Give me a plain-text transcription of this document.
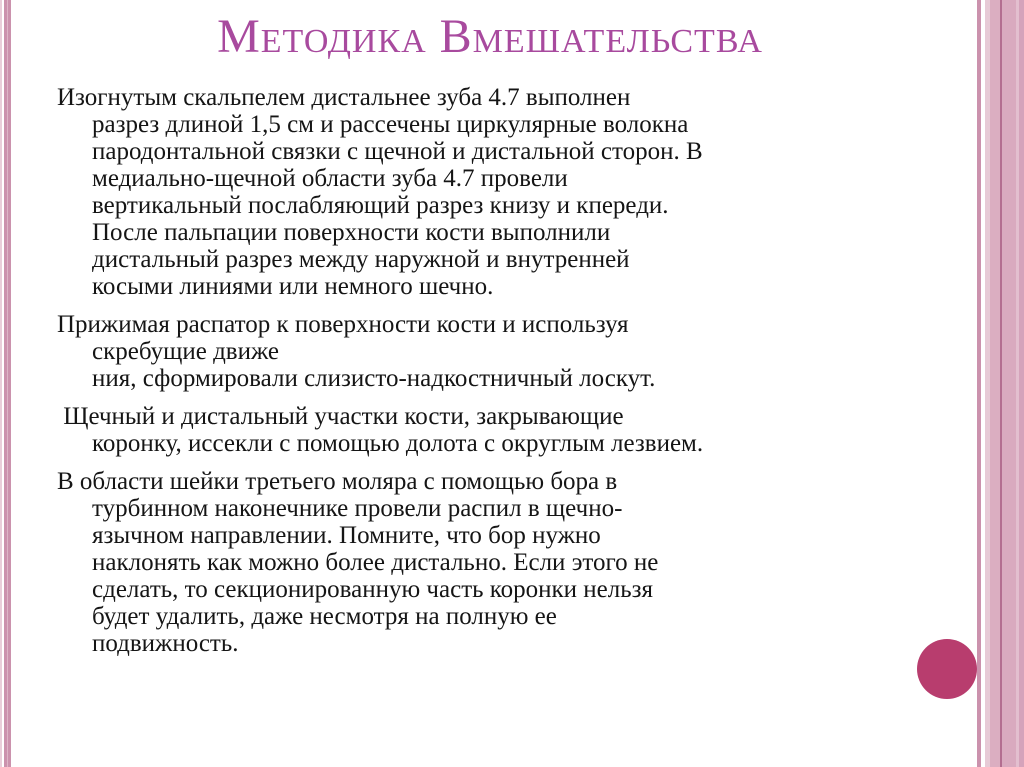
Методика Вмешательства
Изогнутым скальпелем дистальнее зуба 4.7 выполнен
разрез длиной 1,5 см и рассечены циркулярные волокна
пародонтальной связки с щечной и дистальной сторон. В
медиально-щечной области зуба 4.7 провели
вертикальный послабляющий разрез книзу и кпереди.
После пальпации поверхности кости выполнили
дистальный разрез между наружной и внутренней
косыми линиями или немного шечно.
Прижимая распатор к поверхности кости и используя
скребущие движе
ния, сформировали слизисто-надкостничный лоскут.
Щечный и дистальный участки кости, закрывающие
коронку, иссекли с помощью долота с округлым лезвием.
В области шейки третьего моляра с помощью бора в
турбинном наконечнике провели распил в щечно-
язычном направлении. Помните, что бор нужно
наклонять как можно более дистально. Если этого не
сделать, то секционированную часть коронки нельзя
будет удалить, даже несмотря на полную ее
подвижность.
